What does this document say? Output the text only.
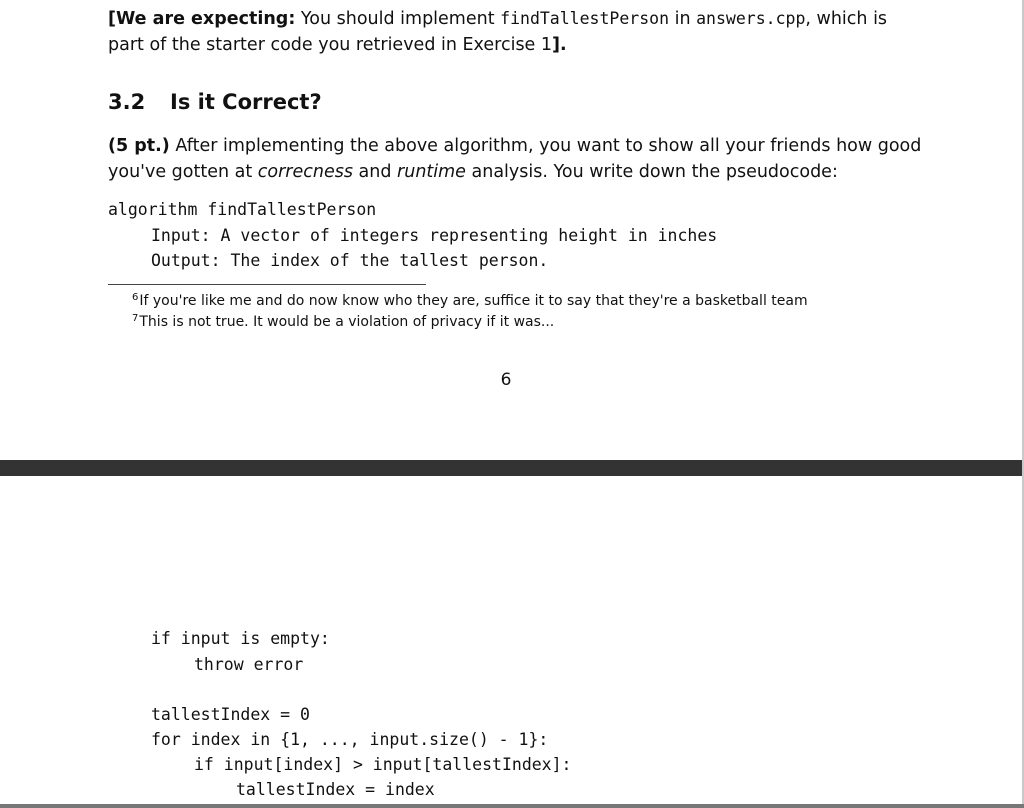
[We are expecting: You should implement findTallestPerson in answers.cpp, which is
part of the starter code you retrieved in Exercise 1].
3.2 Is it Correct?
(5 pt.) After implementing the above algorithm, you want to show all your friends how good
you've gotten at correcness and runtime analysis. You write down the pseudocode:
algorithm findTallestPerson
Input: A vector of integers representing height in inches
Output: The index of the tallest person.
$^6$If you're like me and do now know who they are, suffice it to say that they're a basketball team
$^7$This is not true. It would be a violation of privacy if it was...
6
if input is empty:
throw error
tallestIndex = 0
for index in {1, ..., input.size() - 1}:
if input[index] > input[tallestIndex]:
tallestIndex = index
